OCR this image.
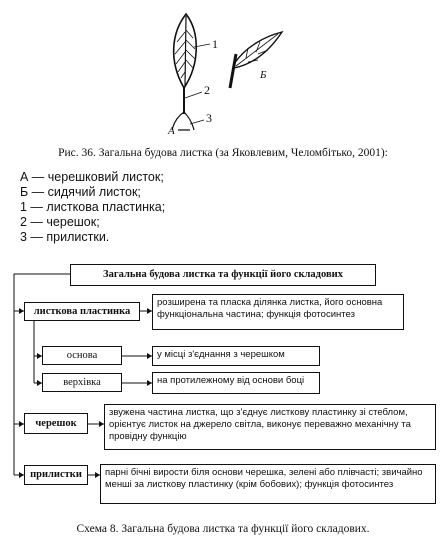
1
2
3
А
Б
Рис. 36. Загальна будова листка (за Яковлевим, Челомбітько, 2001):
А — черешковий листок;
Б — сидячий листок;
1 — листкова пластинка;
2 — черешок;
3 — прилистки.
Загальна будова листка та функції його складових
листкова пластинка
розширена та пласка ділянка листка, його основна функціональна частина; функція фотосинтез
основа	у місці з'єднання з черешком
верхівка	на протилежному від основи боці
черешок
звужена частина листка, що з'єднує листкову пластинку зі стеблом, орієнтує листок на джерело світла, виконує переважно механічну та провідну функцію
прилистки	парні бічні вирости біля основи черешка, зелені або плівчасті; звичайно менші за листкову пластинку (крім бобових); функція фотосинтез
Схема 8. Загальна будова листка та функції його складових.
